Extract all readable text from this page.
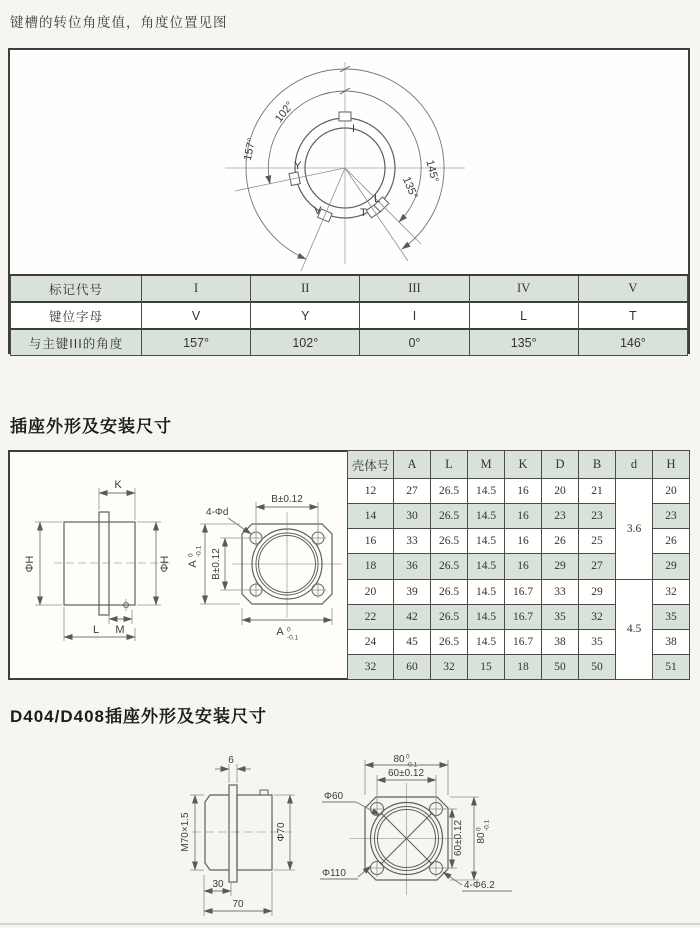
键槽的转位角度值，角度位置见图
I
Y
V	T
L
102°
157°
135°
145°
标记代号	I	II	III	IV	V
键位字母	V	Y	I	L	T
与主键III的角度	157°	102°	0°	135°	146°
插座外形及安装尺寸
K
ΦH	ΦH
M
L
B±0.12
4-Φd
A
0 -0.1 B±0.12
A 0
-0.1
壳体号	A	L	M	K	D	B	d	H
12	27	26.5	14.5	16	20	21	3.6	20
14	30	26.5	14.5	16	23	23		23
16	33	26.5	14.5	16	26	25		26
18	36	26.5	14.5	16	29	27		29
20	39	26.5	14.5	16.7	33	29	4.5	32
22	42	26.5	14.5	16.7	35	32		35
24	45	26.5	14.5	16.7	38	35		38
32	60	32	15	18	50	50		51
D404/D408插座外形及安装尺寸
M70×1.5
6
Φ70
30
70
80 0
-0.1
60±0.12
60±0.12 80
0 -0.1
Φ60
Φ110
4-Φ6.2
